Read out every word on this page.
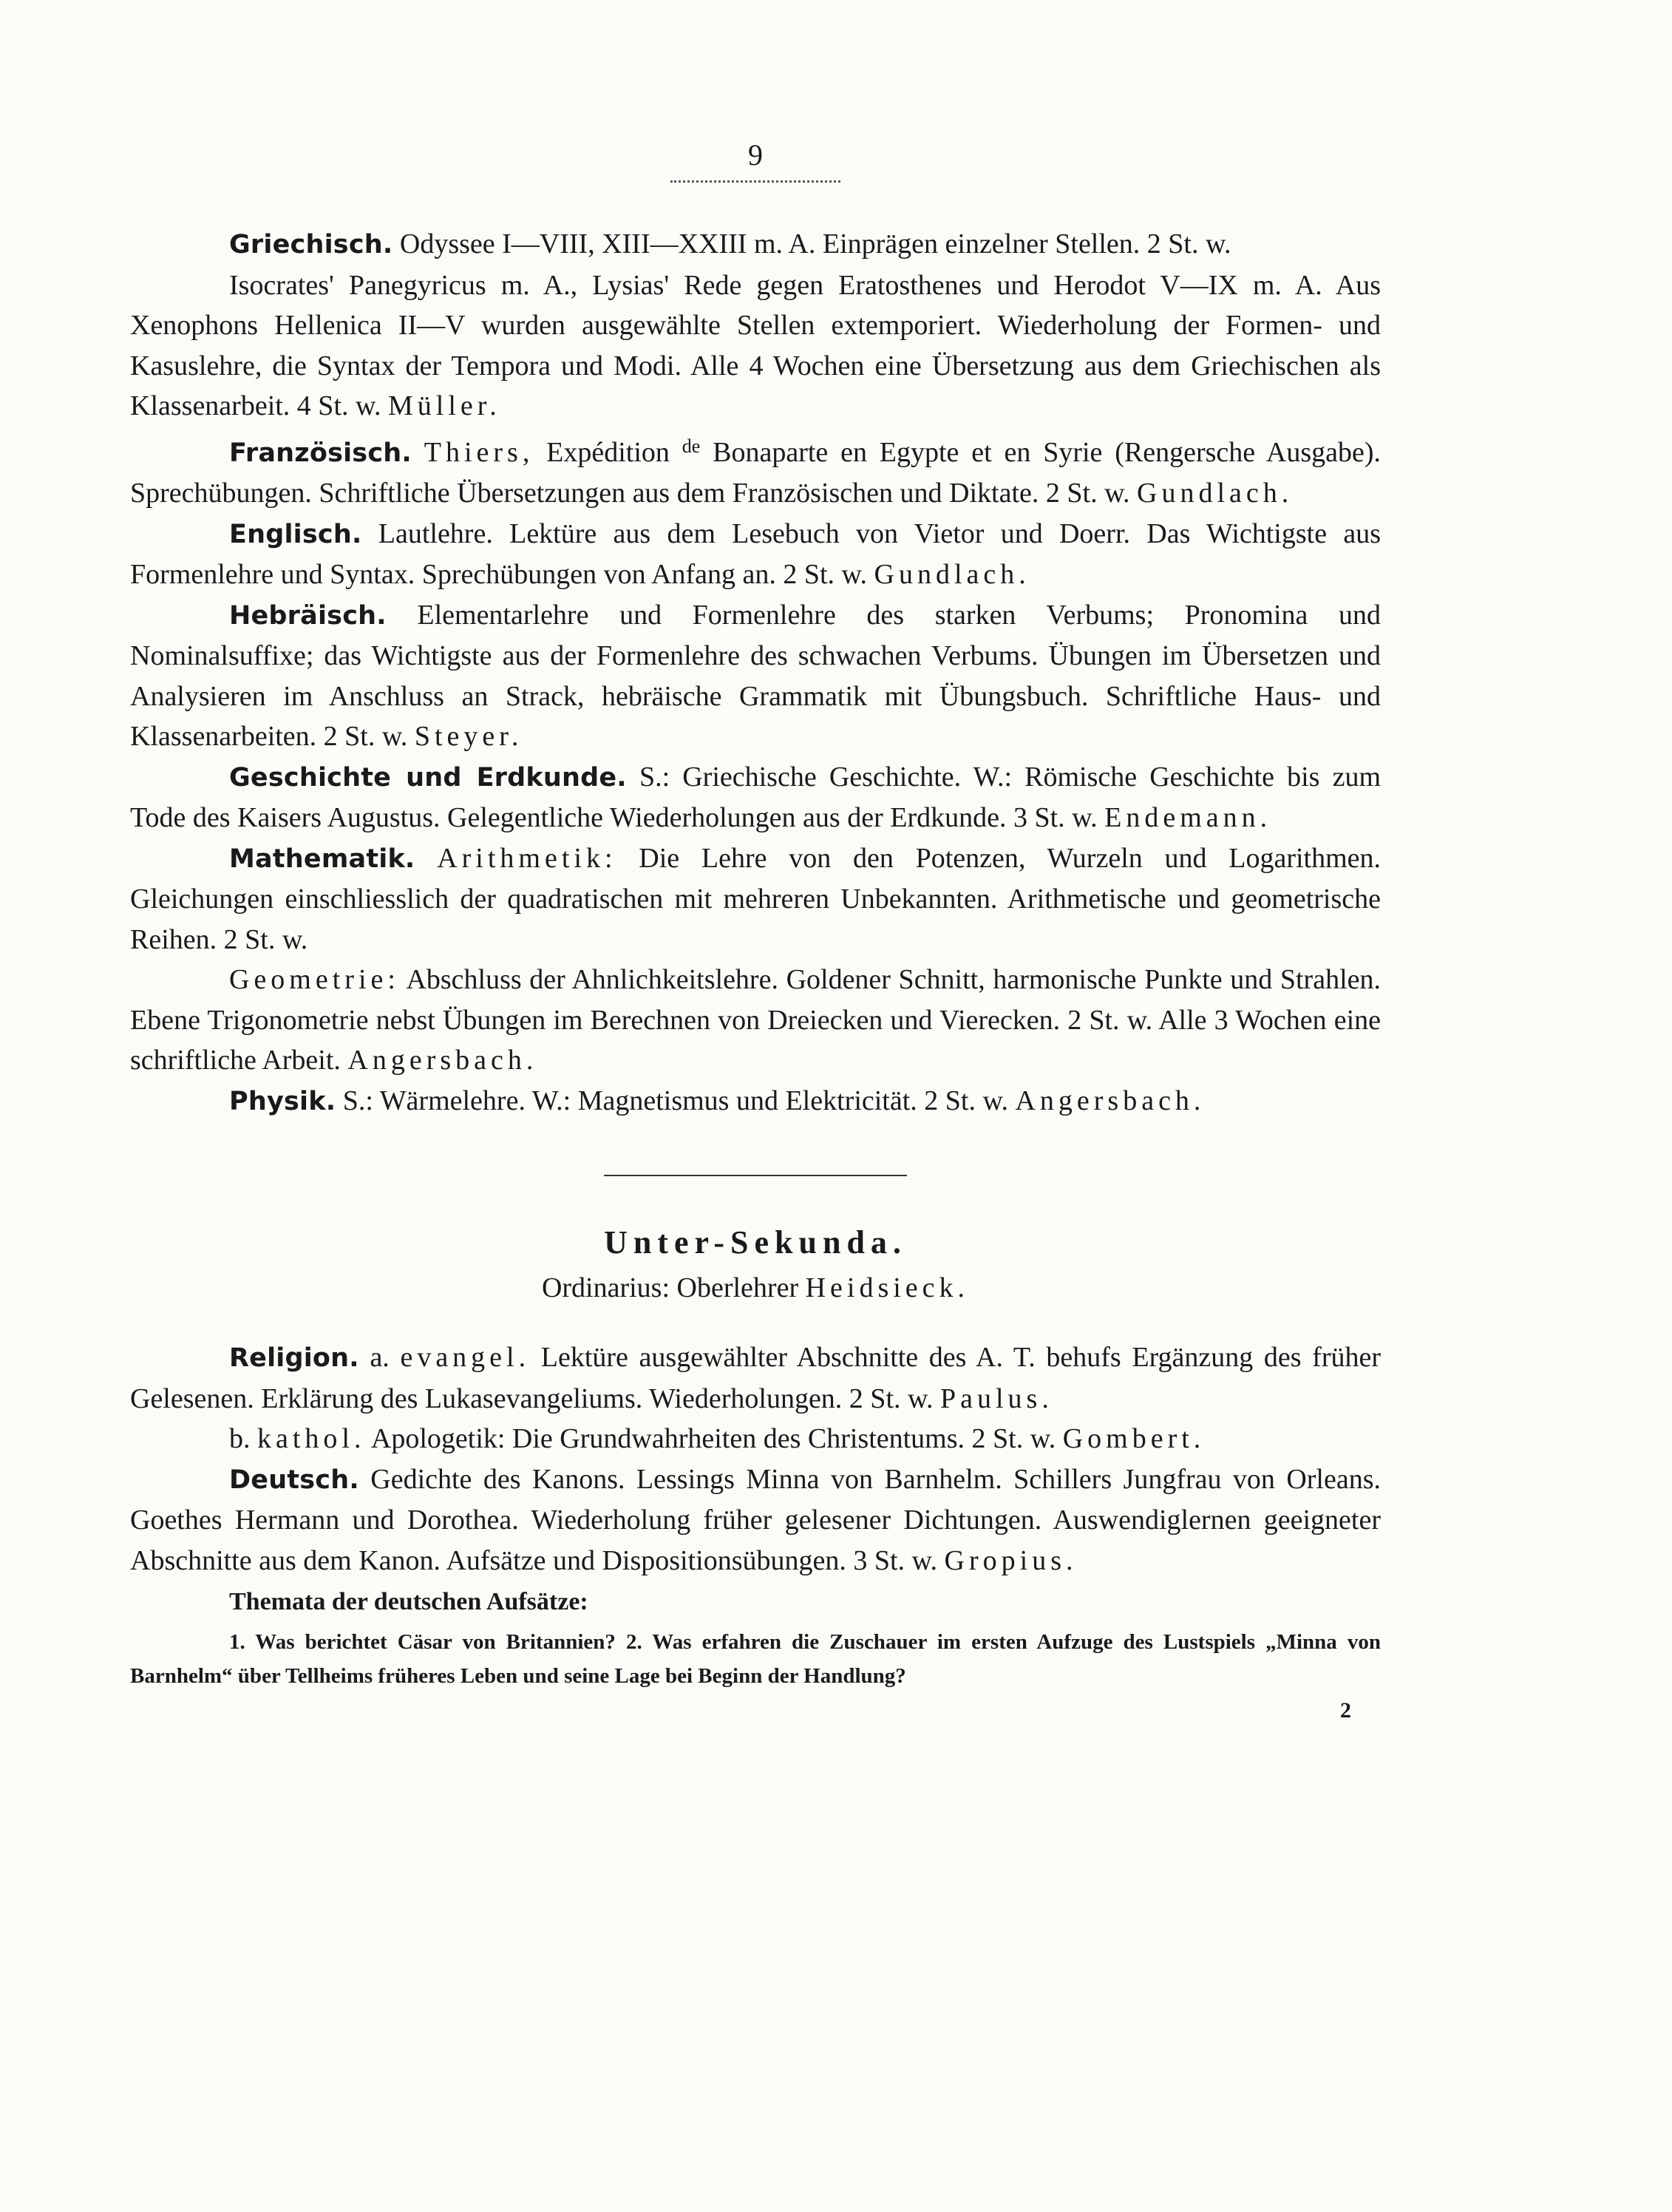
9

Griechisch. Odyssee I—VIII, XIII—XXIII m. A. Einprägen einzelner Stellen. 2 St. w.

Isocrates' Panegyricus m. A., Lysias' Rede gegen Eratosthenes und Herodot V—IX m. A. Aus Xenophons Hellenica II—V wurden ausgewählte Stellen extemporiert. Wiederholung der Formen- und Kasuslehre, die Syntax der Tempora und Modi. Alle 4 Wochen eine Übersetzung aus dem Griechischen als Klassenarbeit. 4 St. w. Müller.

Französisch. Thiers, Expédition $^{de}$ Bonaparte en Egypte et en Syrie (Rengersche Ausgabe). Sprechübungen. Schriftliche Übersetzungen aus dem Französischen und Diktate. 2 St. w. Gundlach.

Englisch. Lautlehre. Lektüre aus dem Lesebuch von Vietor und Doerr. Das Wichtigste aus Formenlehre und Syntax. Sprechübungen von Anfang an. 2 St. w. Gundlach.

Hebräisch. Elementarlehre und Formenlehre des starken Verbums; Pronomina und Nominalsuffixe; das Wichtigste aus der Formenlehre des schwachen Verbums. Übungen im Übersetzen und Analysieren im Anschluss an Strack, hebräische Grammatik mit Übungsbuch. Schriftliche Haus- und Klassenarbeiten. 2 St. w. Steyer.

Geschichte und Erdkunde. S.: Griechische Geschichte. W.: Römische Geschichte bis zum Tode des Kaisers Augustus. Gelegentliche Wiederholungen aus der Erdkunde. 3 St. w. Endemann.

Mathematik. Arithmetik: Die Lehre von den Potenzen, Wurzeln und Logarithmen. Gleichungen einschliesslich der quadratischen mit mehreren Unbekannten. Arithmetische und geometrische Reihen. 2 St. w.

Geometrie: Abschluss der Ahnlichkeitslehre. Goldener Schnitt, harmonische Punkte und Strahlen. Ebene Trigonometrie nebst Übungen im Berechnen von Dreiecken und Vierecken. 2 St. w. Alle 3 Wochen eine schriftliche Arbeit. Angersbach.

Physik. S.: Wärmelehre. W.: Magnetismus und Elektricität. 2 St. w. Angersbach.

Unter-Sekunda.

Ordinarius: Oberlehrer Heidsieck.

Religion. a. evangel. Lektüre ausgewählter Abschnitte des A. T. behufs Ergänzung des früher Gelesenen. Erklärung des Lukasevangeliums. Wiederholungen. 2 St. w. Paulus.

b. kathol. Apologetik: Die Grundwahrheiten des Christentums. 2 St. w. Gombert.

Deutsch. Gedichte des Kanons. Lessings Minna von Barnhelm. Schillers Jungfrau von Orleans. Goethes Hermann und Dorothea. Wiederholung früher gelesener Dichtungen. Auswendiglernen geeigneter Abschnitte aus dem Kanon. Aufsätze und Dispositionsübungen. 3 St. w. Gropius.

Themata der deutschen Aufsätze:

1. Was berichtet Cäsar von Britannien? 2. Was erfahren die Zuschauer im ersten Aufzuge des Lustspiels „Minna von Barnhelm“ über Tellheims früheres Leben und seine Lage bei Beginn der Handlung?

2
